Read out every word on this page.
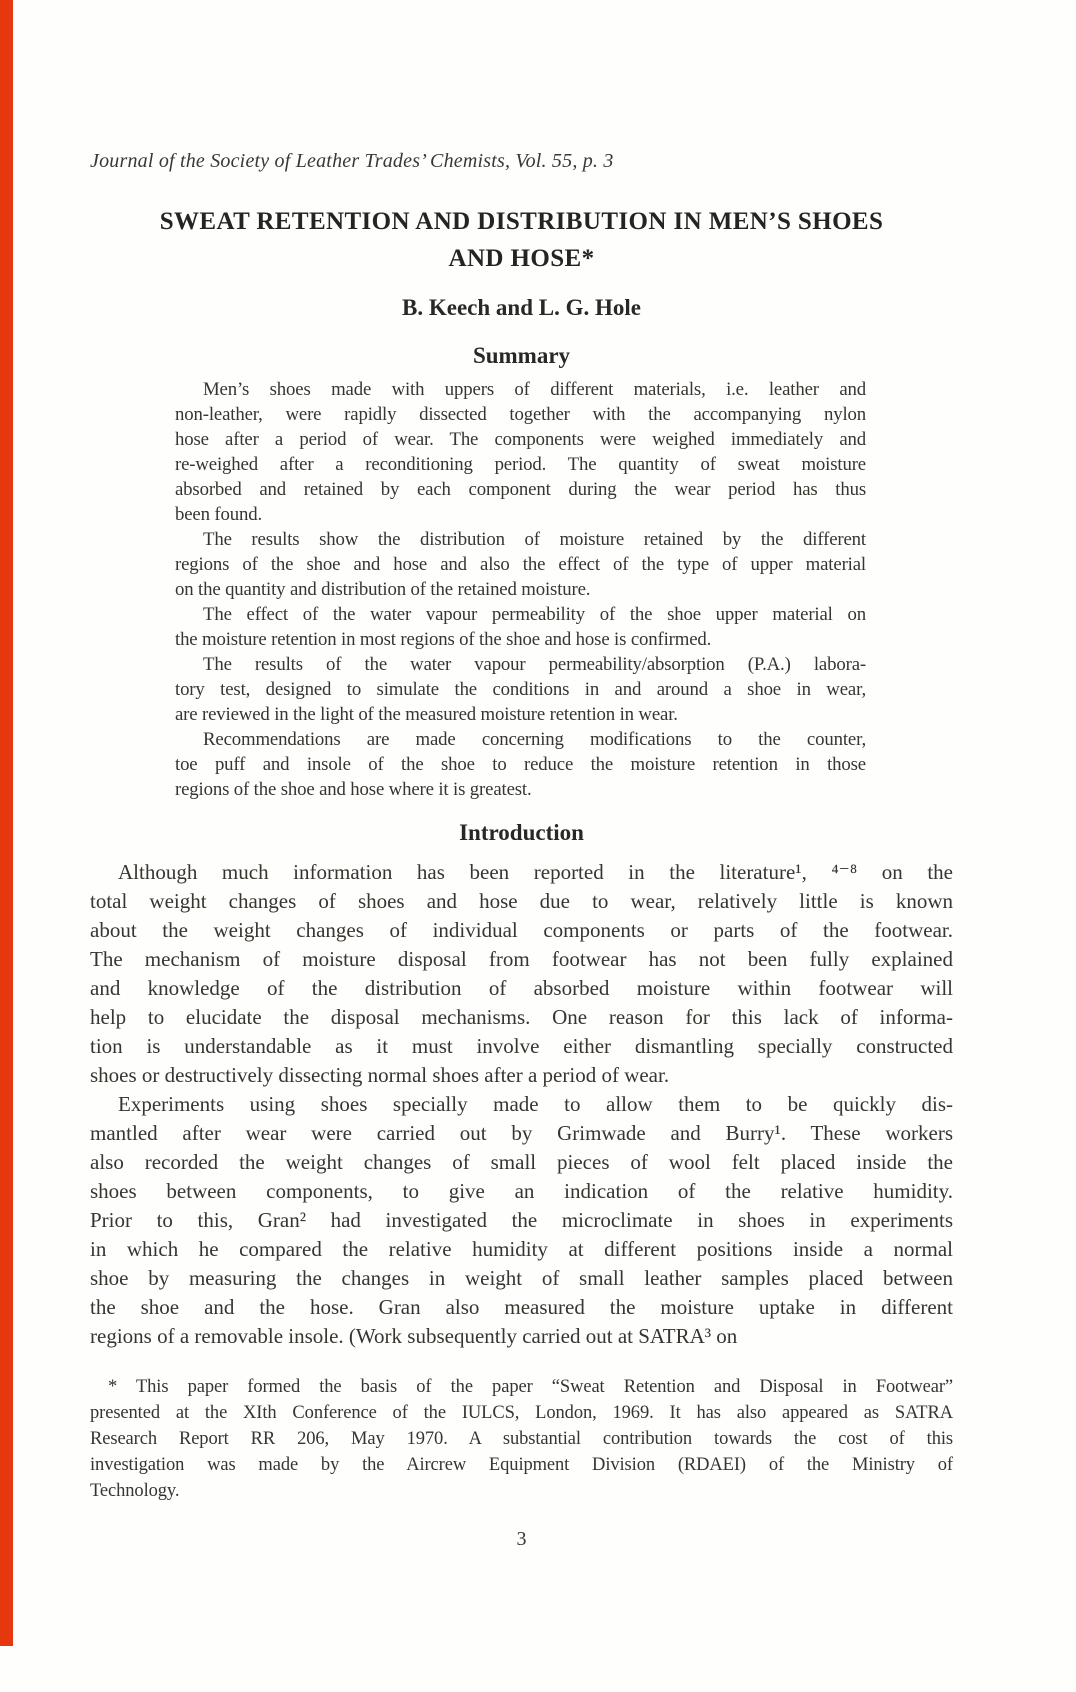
Journal of the Society of Leather Trades’ Chemists, Vol. 55, p. 3
SWEAT RETENTION AND DISTRIBUTION IN MEN’S SHOES
AND HOSE*
B. Keech and L. G. Hole
Summary
Men’s shoes made with uppers of different materials, i.e. leather and
non-leather, were rapidly dissected together with the accompanying nylon
hose after a period of wear. The components were weighed immediately and
re-weighed after a reconditioning period. The quantity of sweat moisture
absorbed and retained by each component during the wear period has thus
been found.
The results show the distribution of moisture retained by the different
regions of the shoe and hose and also the effect of the type of upper material
on the quantity and distribution of the retained moisture.
The effect of the water vapour permeability of the shoe upper material on
the moisture retention in most regions of the shoe and hose is confirmed.
The results of the water vapour permeability/absorption (P.A.) labora-
tory test, designed to simulate the conditions in and around a shoe in wear,
are reviewed in the light of the measured moisture retention in wear.
Recommendations are made concerning modifications to the counter,
toe puff and insole of the shoe to reduce the moisture retention in those
regions of the shoe and hose where it is greatest.
Introduction
Although much information has been reported in the literature¹, ⁴⁻⁸ on the
total weight changes of shoes and hose due to wear, relatively little is known
about the weight changes of individual components or parts of the footwear.
The mechanism of moisture disposal from footwear has not been fully explained
and knowledge of the distribution of absorbed moisture within footwear will
help to elucidate the disposal mechanisms. One reason for this lack of informa-
tion is understandable as it must involve either dismantling specially constructed
shoes or destructively dissecting normal shoes after a period of wear.
Experiments using shoes specially made to allow them to be quickly dis-
mantled after wear were carried out by Grimwade and Burry¹. These workers
also recorded the weight changes of small pieces of wool felt placed inside the
shoes between components, to give an indication of the relative humidity.
Prior to this, Gran² had investigated the microclimate in shoes in experiments
in which he compared the relative humidity at different positions inside a normal
shoe by measuring the changes in weight of small leather samples placed between
the shoe and the hose. Gran also measured the moisture uptake in different
regions of a removable insole. (Work subsequently carried out at SATRA³ on
* This paper formed the basis of the paper “Sweat Retention and Disposal in Footwear”
presented at the XIth Conference of the IULCS, London, 1969. It has also appeared as SATRA
Research Report RR 206, May 1970. A substantial contribution towards the cost of this
investigation was made by the Aircrew Equipment Division (RDAEI) of the Ministry of
Technology.
3
